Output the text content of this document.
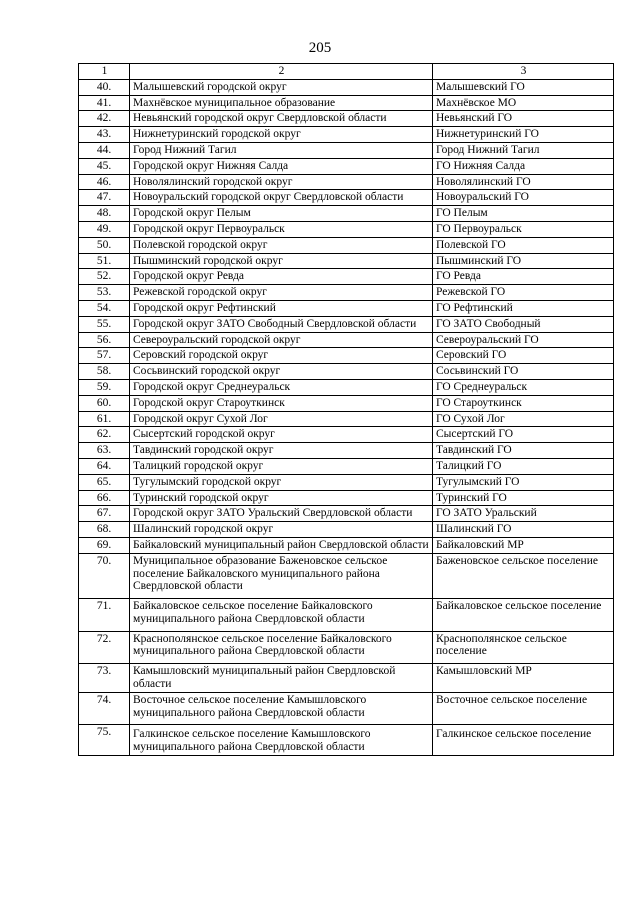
205
1	2	3
40.	Малышевский городской округ	Малышевский ГО
41.	Махнёвское муниципальное образование	Махнёвское МО
42.	Невьянский городской округ Свердловской области	Невьянский ГО
43.	Нижнетуринский городской округ	Нижнетуринский ГО
44.	Город Нижний Тагил	Город Нижний Тагил
45.	Городской округ Нижняя Салда	ГО Нижняя Салда
46.	Новолялинский городской округ	Новолялинский ГО
47.	Новоуральский городской округ Свердловской области	Новоуральский ГО
48.	Городской округ Пелым	ГО Пелым
49.	Городской округ Первоуральск	ГО Первоуральск
50.	Полевской городской округ	Полевской ГО
51.	Пышминский городской округ	Пышминский ГО
52.	Городской округ Ревда	ГО Ревда
53.	Режевской городской округ	Режевской ГО
54.	Городской округ Рефтинский	ГО Рефтинский
55.	Городской округ ЗАТО Свободный Свердловской области	ГО ЗАТО Свободный
56.	Североуральский городской округ	Североуральский ГО
57.	Серовский городской округ	Серовский ГО
58.	Сосьвинский городской округ	Сосьвинский ГО
59.	Городской округ Среднеуральск	ГО Среднеуральск
60.	Городской округ Староуткинск	ГО Староуткинск
61.	Городской округ Сухой Лог	ГО Сухой Лог
62.	Сысертский городской округ	Сысертский ГО
63.	Тавдинский городской округ	Тавдинский ГО
64.	Талицкий городской округ	Талицкий ГО
65.	Тугулымский городской округ	Тугулымский ГО
66.	Туринский городской округ	Туринский ГО
67.	Городской округ ЗАТО Уральский Свердловской области	ГО ЗАТО Уральский
68.	Шалинский городской округ	Шалинский ГО
69.	Байкаловский муниципальный район Свердловской области	Байкаловский МР
70.	Муниципальное образование Баженовское сельское поселение Байкаловского муниципального района Свердловской области	Баженовское сельское поселение
71.	Байкаловское сельское поселение Байкаловского муниципального района Свердловской области	Байкаловское сельское поселение
72.	Краснополянское сельское поселение Байкаловского муниципального района Свердловской области	Краснополянское сельское поселение
73.	Камышловский муниципальный район Свердловской области	Камышловский МР
74.	Восточное сельское поселение Камышловского муниципального района Свердловской области	Восточное сельское поселение
75.	Галкинское сельское поселение Камышловского муниципального района Свердловской области	Галкинское сельское поселение
